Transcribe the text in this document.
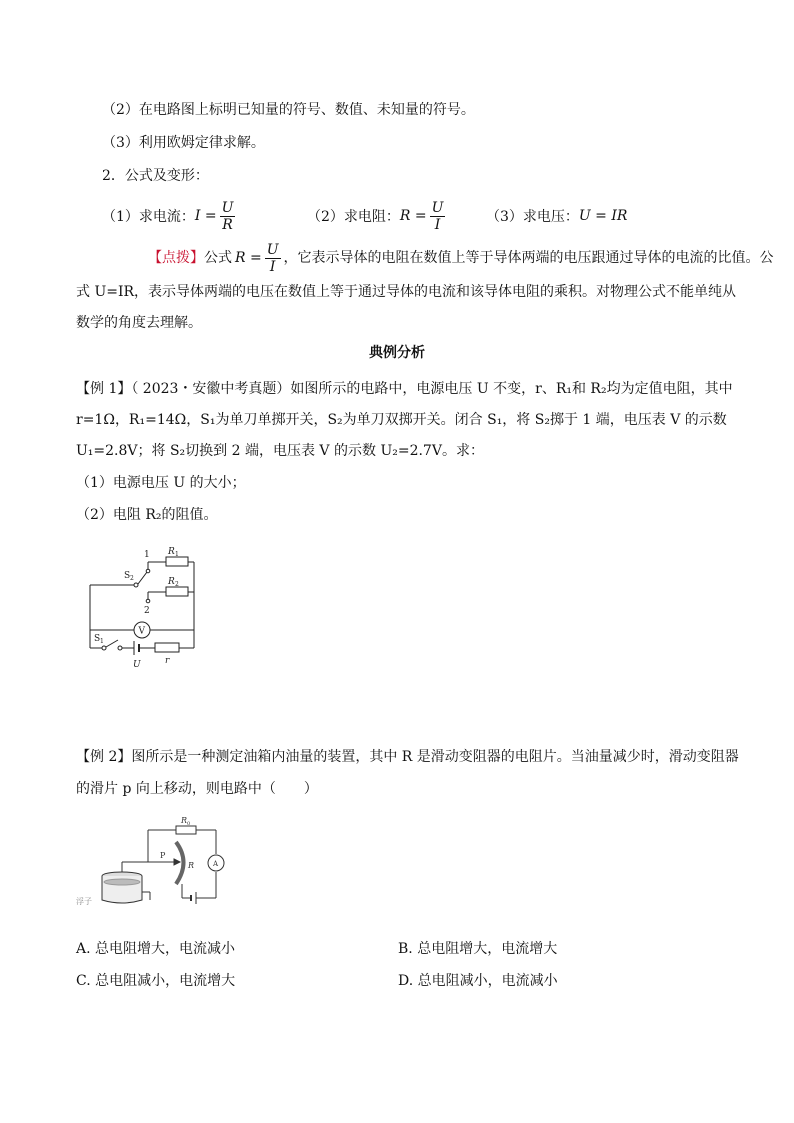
（2）在电路图上标明已知量的符号、数值、未知量的符号。
（3）利用欧姆定律求解。
2．公式及变形：
（1）求电流： $I = \frac{U}{R}$	（2）求电阻： $R = \frac{U}{I}$	（3）求电压： U = IR
【点拨】 公式 $R = \frac{U}{I}$ ，它表示导体的电阻在数值上等于导体两端的电压跟通过导体的电流的比值。公
式 U=IR，表示导体两端的电压在数值上等于通过导体的电流和该导体电阻的乘积。对物理公式不能单纯从
数学的角度去理解。
典例分析
【例 1】（ 2023・安徽中考真题）如图所示的电路中，电源电压 U 不变，r、R₁和 R₂均为定值电阻，其中
r=1Ω，R₁=14Ω，S₁为单刀单掷开关，S₂为单刀双掷开关。闭合 S₁，将 S₂掷于 1 端，电压表 V 的示数
U₁=2.8V；将 S₂切换到 2 端，电压表 V 的示数 U₂=2.7V。求：
（1）电源电压 U 的大小；
（2）电阻 R₂的阻值。
1
2
R 1
R 2
S 2
S 1
V
U	r
【例 2】图所示是一种测定油箱内油量的装置，其中 R 是滑动变阻器的电阻片。当油量减少时，滑动变阻器
的滑片 p 向上移动，则电路中（　　）
R 0
P
R	A
浮子
A. 总电阻增大，电流减小	B. 总电阻增大，电流增大
C. 总电阻减小，电流增大	D. 总电阻减小，电流减小
